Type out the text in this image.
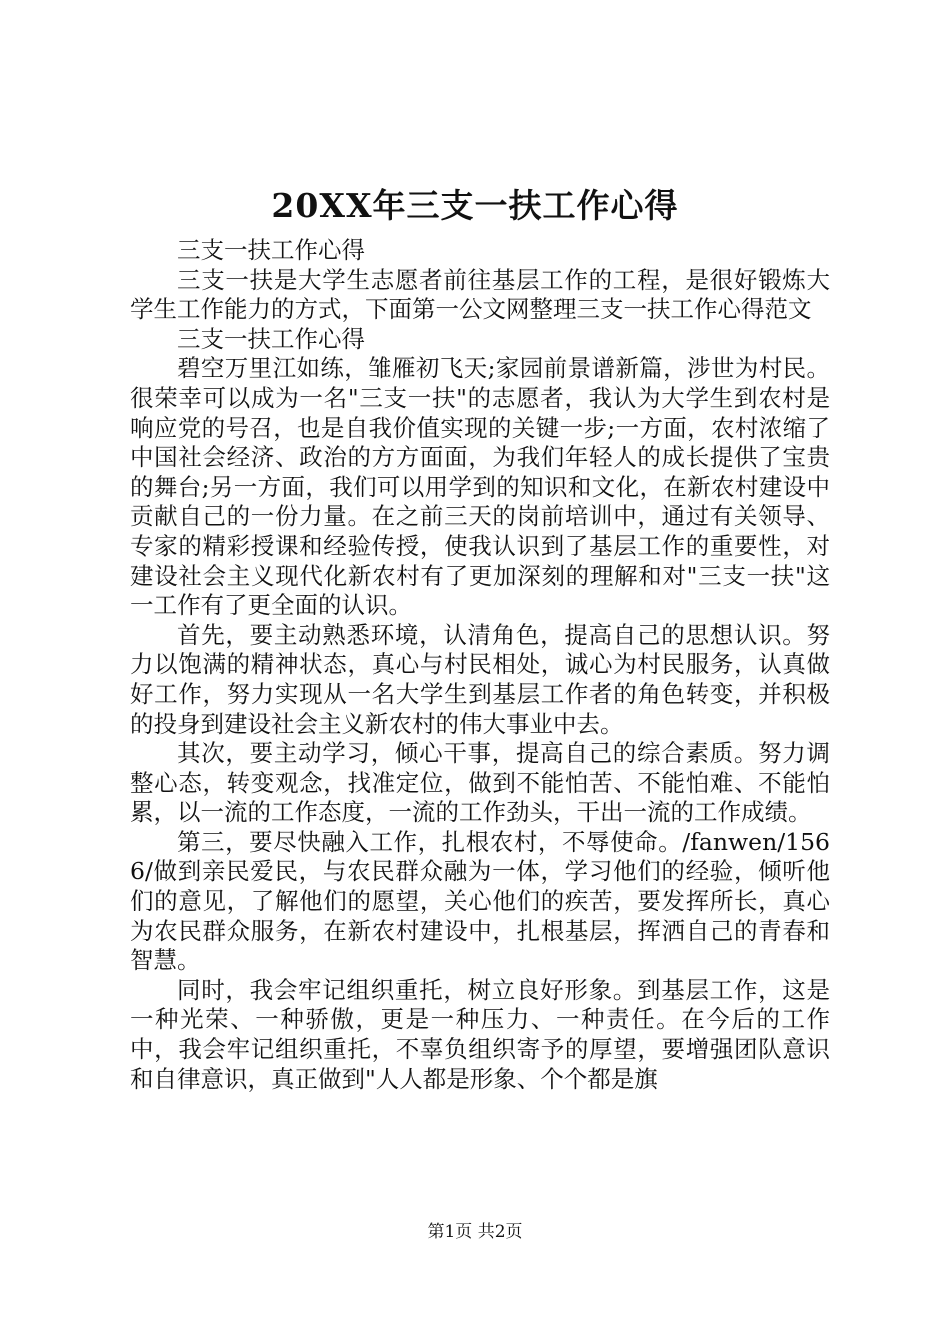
20XX年三支一扶工作心得

三支一扶工作心得

三支一扶是大学生志愿者前往基层工作的工程，是很好锻炼大学生工作能力的方式，下面第一公文网整理三支一扶工作心得范文

三支一扶工作心得

碧空万里江如练，雏雁初飞天;家园前景谱新篇，涉世为村民。很荣幸可以成为一名"三支一扶"的志愿者，我认为大学生到农村是响应党的号召，也是自我价值实现的关键一步;一方面，农村浓缩了中国社会经济、政治的方方面面，为我们年轻人的成长提供了宝贵的舞台;另一方面，我们可以用学到的知识和文化，在新农村建设中贡献自己的一份力量。在之前三天的岗前培训中，通过有关领导、专家的精彩授课和经验传授，使我认识到了基层工作的重要性，对建设社会主义现代化新农村有了更加深刻的理解和对"三支一扶"这一工作有了更全面的认识。

首先，要主动熟悉环境，认清角色，提高自己的思想认识。努力以饱满的精神状态，真心与村民相处，诚心为村民服务，认真做好工作，努力实现从一名大学生到基层工作者的角色转变，并积极的投身到建设社会主义新农村的伟大事业中去。

其次，要主动学习，倾心干事，提高自己的综合素质。努力调整心态，转变观念，找准定位，做到不能怕苦、不能怕难、不能怕累，以一流的工作态度，一流的工作劲头，干出一流的工作成绩。

第三，要尽快融入工作，扎根农村，不辱使命。/fanwen/1566/做到亲民爱民，与农民群众融为一体，学习他们的经验，倾听他们的意见，了解他们的愿望，关心他们的疾苦，要发挥所长，真心为农民群众服务，在新农村建设中，扎根基层，挥洒自己的青春和智慧。

同时，我会牢记组织重托，树立良好形象。到基层工作，这是一种光荣、一种骄傲，更是一种压力、一种责任。在今后的工作中，我会牢记组织重托，不辜负组织寄予的厚望，要增强团队意识和自律意识，真正做到"人人都是形象、个个都是旗

第1页 共2页
